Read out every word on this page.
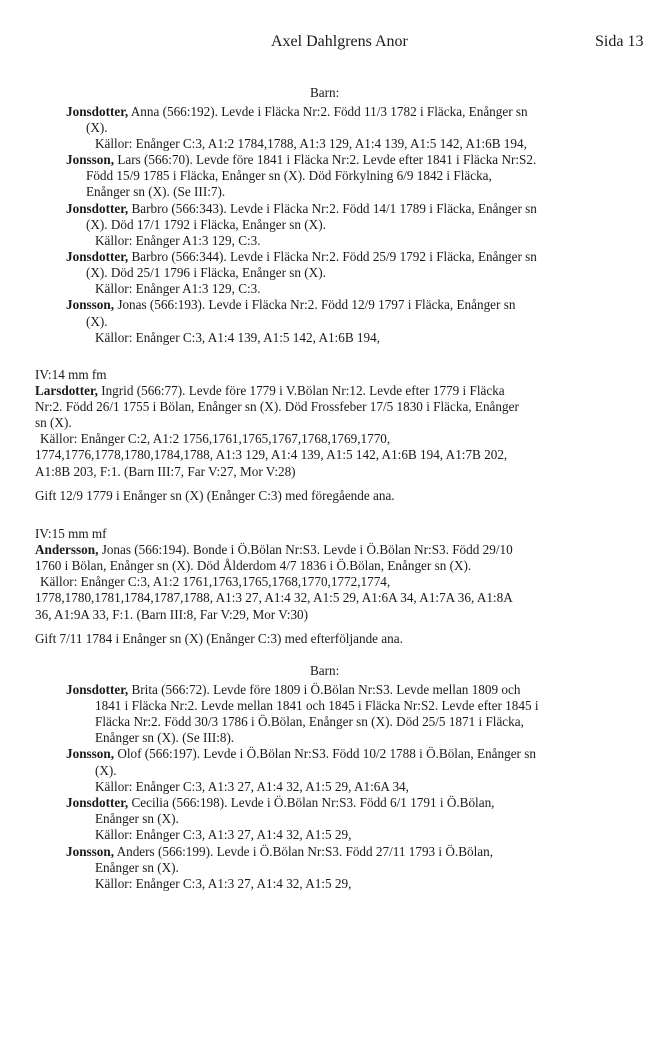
Axel Dahlgrens Anor	Sida 13
Barn:
Jonsdotter, Anna (566:192). Levde i Fläcka Nr:2. Född 11/3 1782 i Fläcka, Enånger sn
(X).
Källor: Enånger C:3, A1:2 1784,1788, A1:3 129, A1:4 139, A1:5 142, A1:6B 194,
Jonsson, Lars (566:70). Levde före 1841 i Fläcka Nr:2. Levde efter 1841 i Fläcka Nr:S2.
Född 15/9 1785 i Fläcka, Enånger sn (X). Död Förkylning 6/9 1842 i Fläcka,
Enånger sn (X). (Se III:7).
Jonsdotter, Barbro (566:343). Levde i Fläcka Nr:2. Född 14/1 1789 i Fläcka, Enånger sn
(X). Död 17/1 1792 i Fläcka, Enånger sn (X).
Källor: Enånger A1:3 129, C:3.
Jonsdotter, Barbro (566:344). Levde i Fläcka Nr:2. Född 25/9 1792 i Fläcka, Enånger sn
(X). Död 25/1 1796 i Fläcka, Enånger sn (X).
Källor: Enånger A1:3 129, C:3.
Jonsson, Jonas (566:193). Levde i Fläcka Nr:2. Född 12/9 1797 i Fläcka, Enånger sn
(X).
Källor: Enånger C:3, A1:4 139, A1:5 142, A1:6B 194,
IV:14 mm fm
Larsdotter, Ingrid (566:77). Levde före 1779 i V.Bölan Nr:12. Levde efter 1779 i Fläcka
Nr:2. Född 26/1 1755 i Bölan, Enånger sn (X). Död Frossfeber 17/5 1830 i Fläcka, Enånger
sn (X).
Källor: Enånger C:2, A1:2 1756,1761,1765,1767,1768,1769,1770,
1774,1776,1778,1780,1784,1788, A1:3 129, A1:4 139, A1:5 142, A1:6B 194, A1:7B 202,
A1:8B 203, F:1. (Barn III:7, Far V:27, Mor V:28)
Gift 12/9 1779 i Enånger sn (X) (Enånger C:3) med föregående ana.
IV:15 mm mf
Andersson, Jonas (566:194). Bonde i Ö.Bölan Nr:S3. Levde i Ö.Bölan Nr:S3. Född 29/10
1760 i Bölan, Enånger sn (X). Död Ålderdom 4/7 1836 i Ö.Bölan, Enånger sn (X).
Källor: Enånger C:3, A1:2 1761,1763,1765,1768,1770,1772,1774,
1778,1780,1781,1784,1787,1788, A1:3 27, A1:4 32, A1:5 29, A1:6A 34, A1:7A 36, A1:8A
36, A1:9A 33, F:1. (Barn III:8, Far V:29, Mor V:30)
Gift 7/11 1784 i Enånger sn (X) (Enånger C:3) med efterföljande ana.
Barn:
Jonsdotter, Brita (566:72). Levde före 1809 i Ö.Bölan Nr:S3. Levde mellan 1809 och
1841 i Fläcka Nr:2. Levde mellan 1841 och 1845 i Fläcka Nr:S2. Levde efter 1845 i
Fläcka Nr:2. Född 30/3 1786 i Ö.Bölan, Enånger sn (X). Död 25/5 1871 i Fläcka,
Enånger sn (X). (Se III:8).
Jonsson, Olof (566:197). Levde i Ö.Bölan Nr:S3. Född 10/2 1788 i Ö.Bölan, Enånger sn
(X).
Källor: Enånger C:3, A1:3 27, A1:4 32, A1:5 29, A1:6A 34,
Jonsdotter, Cecilia (566:198). Levde i Ö.Bölan Nr:S3. Född 6/1 1791 i Ö.Bölan,
Enånger sn (X).
Källor: Enånger C:3, A1:3 27, A1:4 32, A1:5 29,
Jonsson, Anders (566:199). Levde i Ö.Bölan Nr:S3. Född 27/11 1793 i Ö.Bölan,
Enånger sn (X).
Källor: Enånger C:3, A1:3 27, A1:4 32, A1:5 29,
